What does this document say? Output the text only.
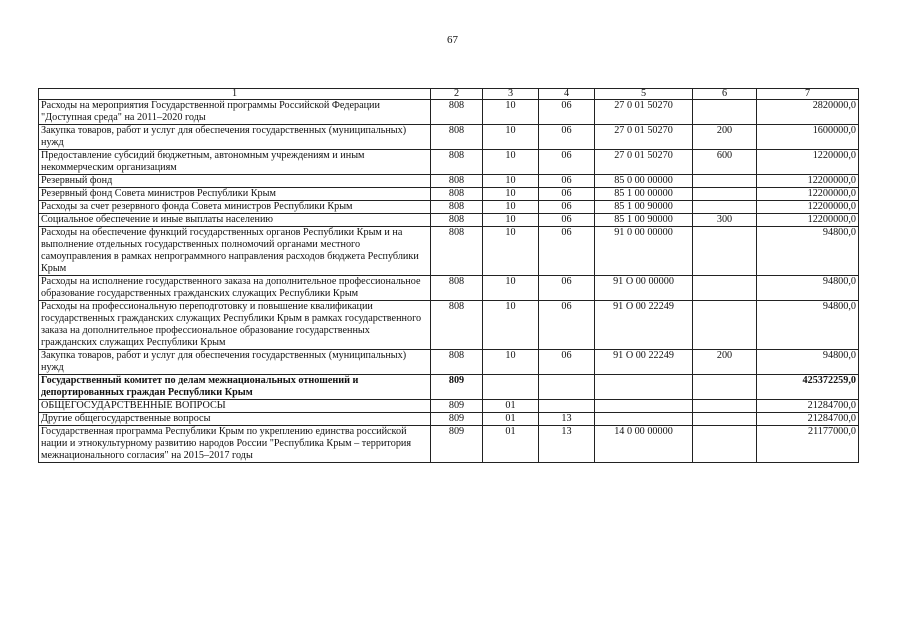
67
1	2	3	4	5	6	7
Расходы на мероприятия Государственной программы Российской Федерации "Доступная среда" на 2011–2020 годы	808	10	06	27 0 01 50270		2820000,0
Закупка товаров, работ и услуг для обеспечения государственных (муниципальных) нужд	808	10	06	27 0 01 50270	200	1600000,0
Предоставление субсидий бюджетным, автономным учреждениям и иным некоммерческим организациям	808	10	06	27 0 01 50270	600	1220000,0
Резервный фонд	808	10	06	85 0 00 00000		12200000,0
Резервный фонд Совета министров Республики Крым	808	10	06	85 1 00 00000		12200000,0
Расходы за счет резервного фонда Совета министров Республики Крым	808	10	06	85 1 00 90000		12200000,0
Социальное обеспечение и иные выплаты населению	808	10	06	85 1 00 90000	300	12200000,0
Расходы на обеспечение функций государственных органов Республики Крым и на выполнение отдельных государственных полномочий органами местного самоуправления в рамках непрограммного направления расходов бюджета Республики Крым	808	10	06	91 0 00 00000		94800,0
Расходы на исполнение государственного заказа на дополнительное профессиональное образование государственных гражданских служащих Республики Крым	808	10	06	91 О 00 00000		94800,0
Расходы на профессиональную переподготовку и повышение квалификации государственных гражданских служащих Республики Крым в рамках государственного заказа на дополнительное профессиональное образование государственных гражданских служащих Республики Крым	808	10	06	91 О 00 22249		94800,0
Закупка товаров, работ и услуг для обеспечения государственных (муниципальных) нужд	808	10	06	91 О 00 22249	200	94800,0
Государственный комитет по делам межнациональных отношений и депортированных граждан Республики Крым	809					425372259,0
ОБЩЕГОСУДАРСТВЕННЫЕ ВОПРОСЫ	809	01				21284700,0
Другие общегосударственные вопросы	809	01	13			21284700,0
Государственная программа Республики Крым по укреплению единства российской нации и этнокультурному развитию народов России "Республика Крым – территория межнационального согласия" на 2015–2017 годы	809	01	13	14 0 00 00000		21177000,0
